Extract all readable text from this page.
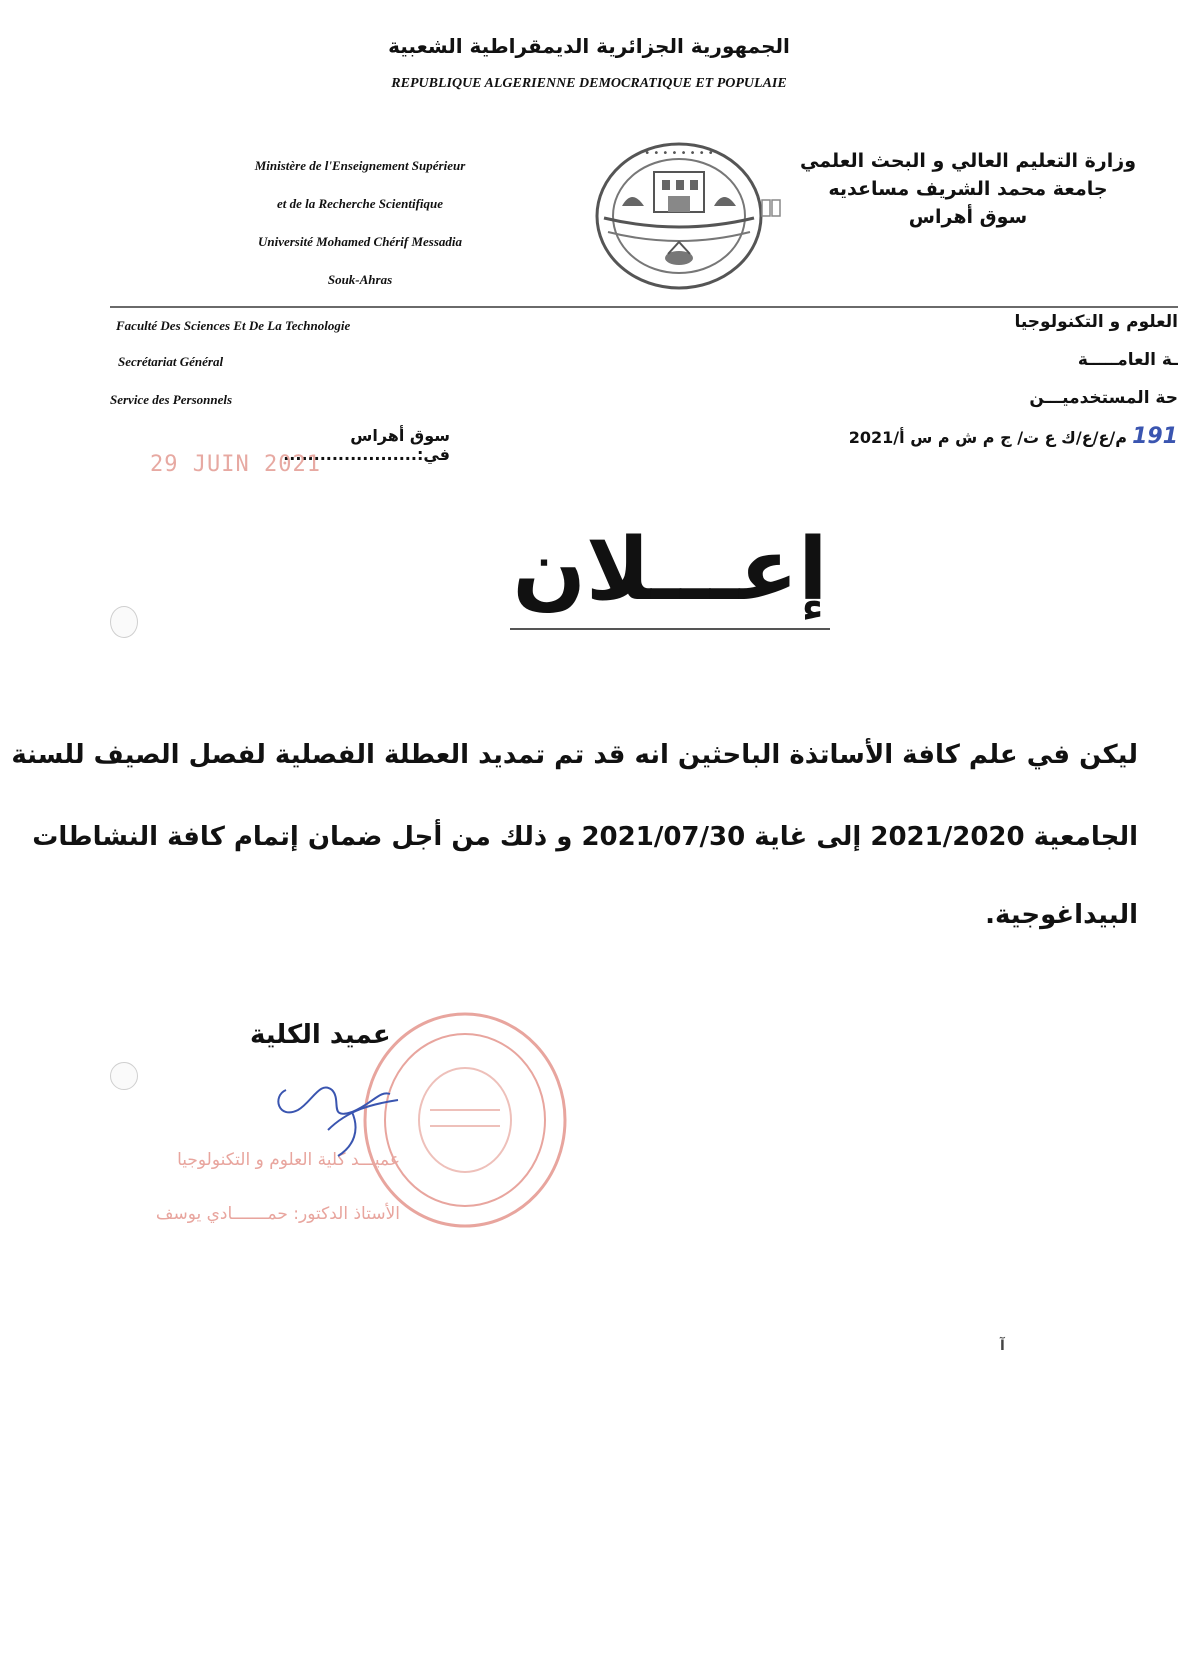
الجمهورية الجزائرية الديمقراطية الشعبية
REPUBLIQUE ALGERIENNE DEMOCRATIQUE ET POPULAIE
Ministère de l'Enseignement Supérieur
et de la Recherche Scientifique
Université Mohamed Chérif Messadia
Souk-Ahras
• • • • • • • •	وزارة التعليم العالي و البحث العلمي
جامعة محمد الشريف مساعديه
سوق أهراس
Faculté Des Sciences Et De La Technologie
Secrétariat Général
Service des Personnels
العلوم و التكنولوجيا
ـة العامـــــة
حة المستخدميـــن
191 م/ع/ع/ك ع ت/ ج م ش م س أ/2021
سوق أهراس في:......................
29 JUIN 2021
إعـــلان
ليكن في علم كافة الأساتذة الباحثين انه قد تم تمديد العطلة الفصلية لفصل الصيف للسنة
الجامعية 2021/2020 إلى غاية 2021/07/30 و ذلك من أجل ضمان إتمام كافة النشاطات
البيداغوجية.
عميد الكلية
عميـــد كلية العلوم و التكنولوجيا
الأستاذ الدكتور: حمـــــــادي يوسف
آ
